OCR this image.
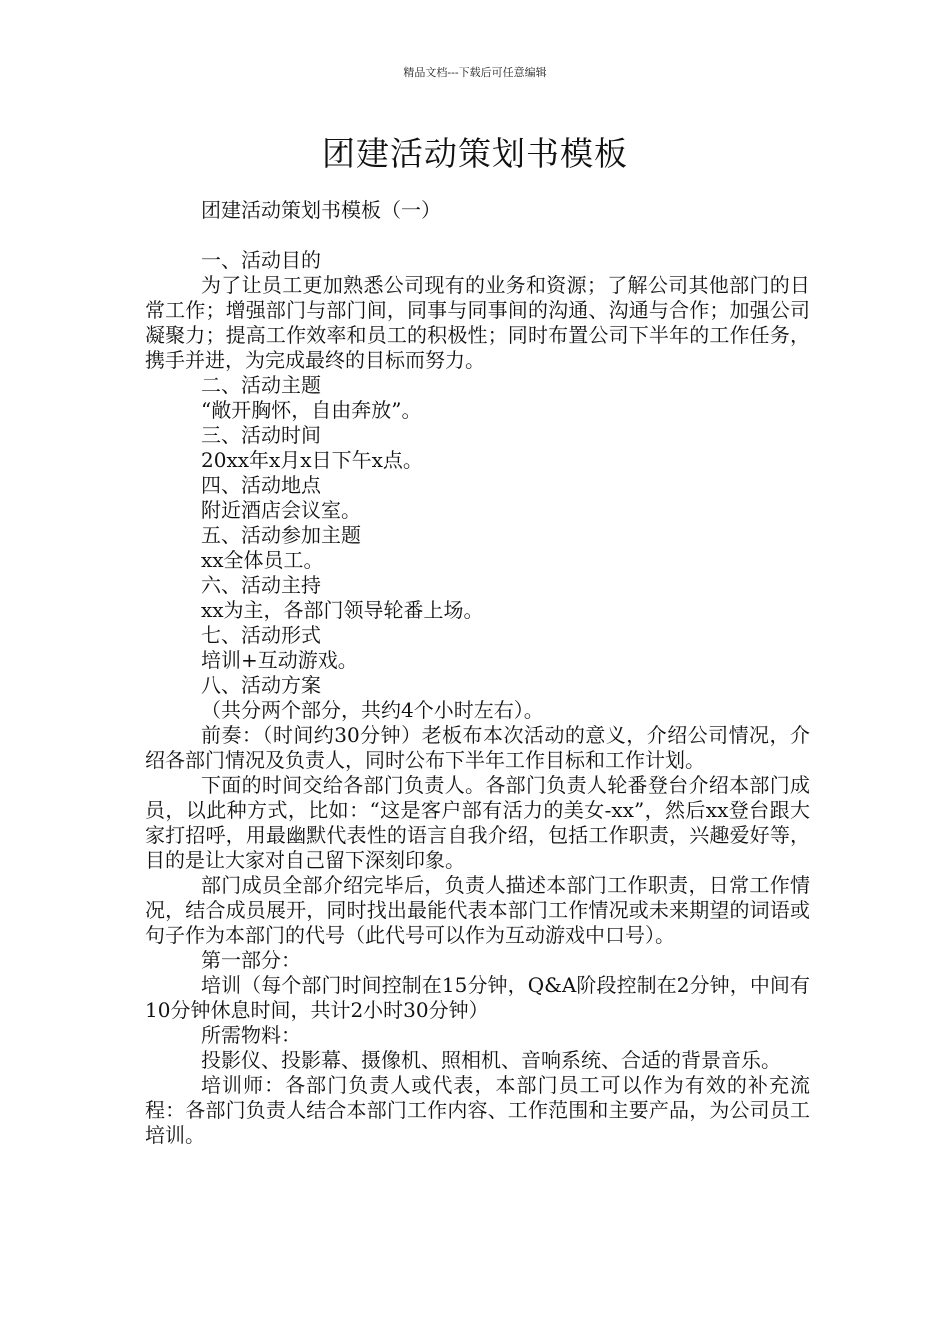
精品文档---下载后可任意编辑
团建活动策划书模板

团建活动策划书模板（一）

一、活动目的

为了让员工更加熟悉公司现有的业务和资源；了解公司其他部门的日常工作；增强部门与部门间，同事与同事间的沟通、沟通与合作；加强公司凝聚力；提高工作效率和员工的积极性；同时布置公司下半年的工作任务，携手并进，为完成最终的目标而努力。

二、活动主题

“敞开胸怀，自由奔放”。

三、活动时间

20xx年x月x日下午x点。

四、活动地点

附近酒店会议室。

五、活动参加主题

xx全体员工。

六、活动主持

xx为主，各部门领导轮番上场。

七、活动形式

培训+互动游戏。

八、活动方案

（共分两个部分，共约4个小时左右）。

前奏：（时间约30分钟）老板布本次活动的意义，介绍公司情况，介绍各部门情况及负责人，同时公布下半年工作目标和工作计划。

下面的时间交给各部门负责人。各部门负责人轮番登台介绍本部门成员，以此种方式，比如：“这是客户部有活力的美女-xx”，然后xx登台跟大家打招呼，用最幽默代表性的语言自我介绍，包括工作职责，兴趣爱好等，目的是让大家对自己留下深刻印象。

部门成员全部介绍完毕后，负责人描述本部门工作职责，日常工作情况，结合成员展开，同时找出最能代表本部门工作情况或未来期望的词语或句子作为本部门的代号（此代号可以作为互动游戏中口号）。

第一部分：

培训（每个部门时间控制在15分钟，Q&A阶段控制在2分钟，中间有10分钟休息时间，共计2小时30分钟）

所需物料：

投影仪、投影幕、摄像机、照相机、音响系统、合适的背景音乐。

培训师：各部门负责人或代表，本部门员工可以作为有效的补充流程：各部门负责人结合本部门工作内容、工作范围和主要产品，为公司员工培训。
